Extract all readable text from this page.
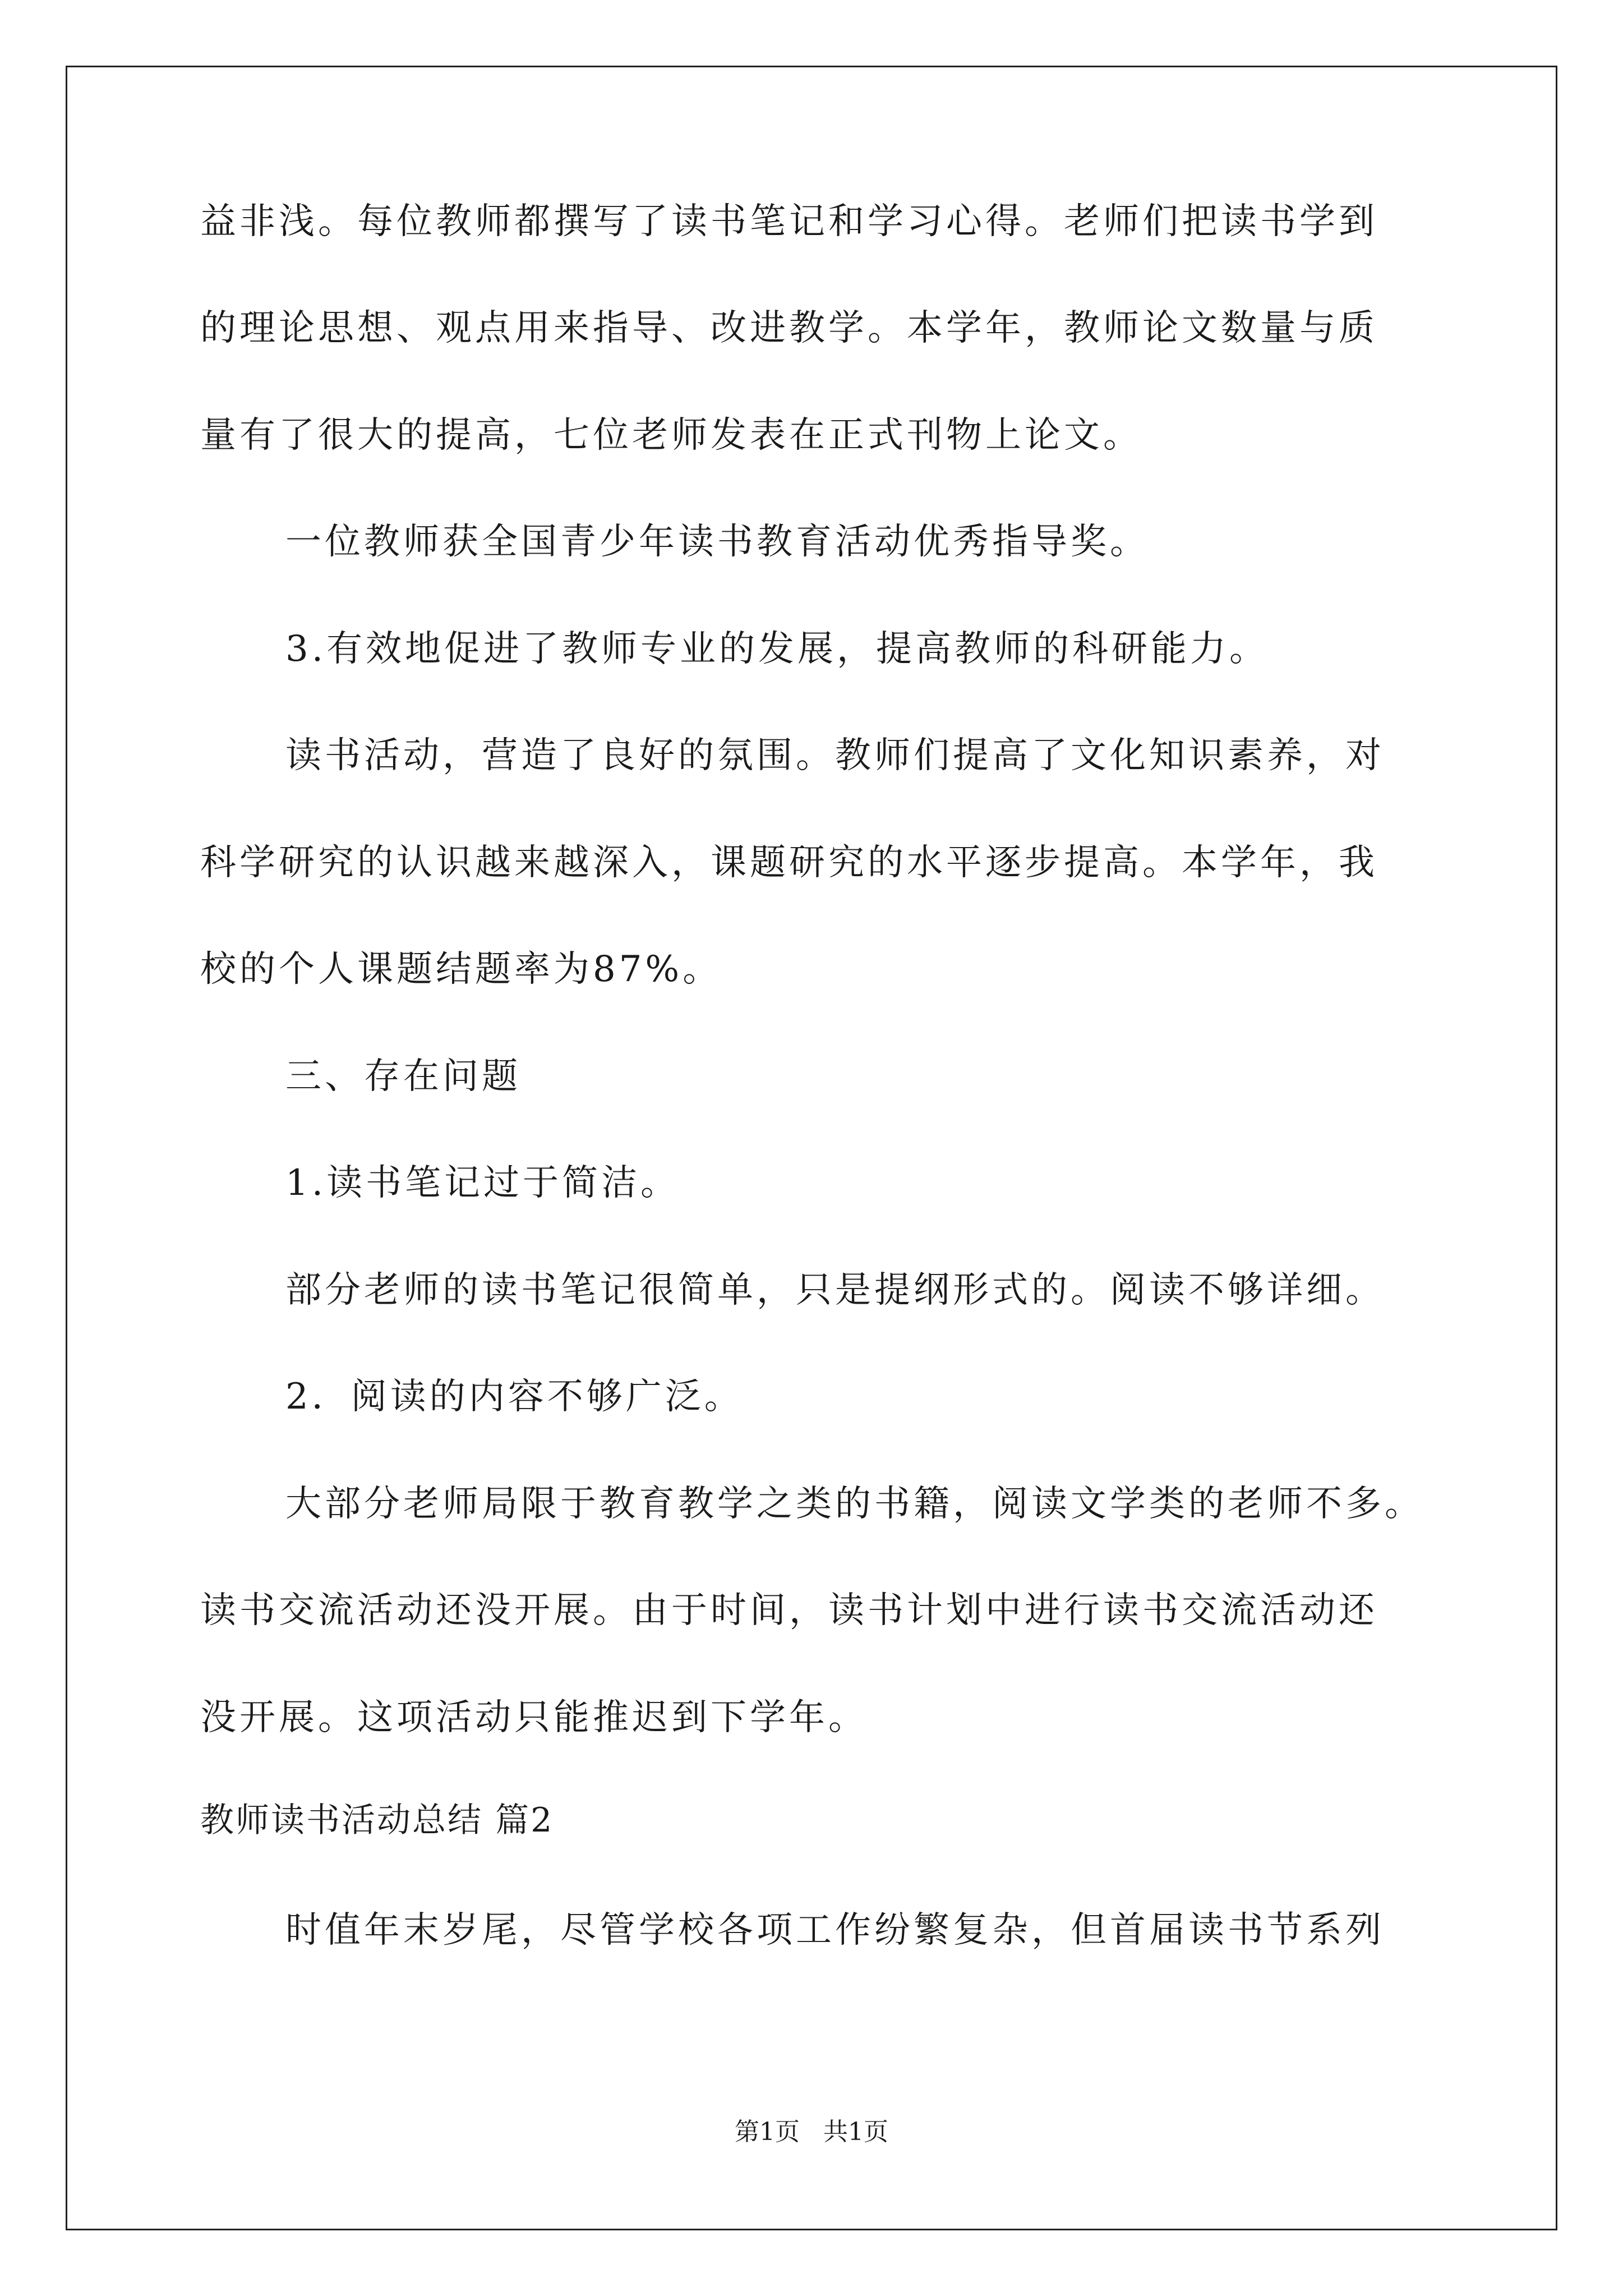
益非浅。每位教师都撰写了读书笔记和学习心得。老师们把读书学到
的理论思想、观点用来指导、改进教学。本学年，教师论文数量与质
量有了很大的提高，七位老师发表在正式刊物上论文。
一位教师获全国青少年读书教育活动优秀指导奖。
3.有效地促进了教师专业的发展，提高教师的科研能力。
读书活动，营造了良好的氛围。教师们提高了文化知识素养，对
科学研究的认识越来越深入，课题研究的水平逐步提高。本学年，我
校的个人课题结题率为87%。
三、存在问题
1.读书笔记过于简洁。
部分老师的读书笔记很简单，只是提纲形式的。阅读不够详细。
2．阅读的内容不够广泛。
大部分老师局限于教育教学之类的书籍，阅读文学类的老师不多。
读书交流活动还没开展。由于时间，读书计划中进行读书交流活动还
没开展。这项活动只能推迟到下学年。
教师读书活动总结 篇2
时值年末岁尾，尽管学校各项工作纷繁复杂，但首届读书节系列
第1页   共1页
